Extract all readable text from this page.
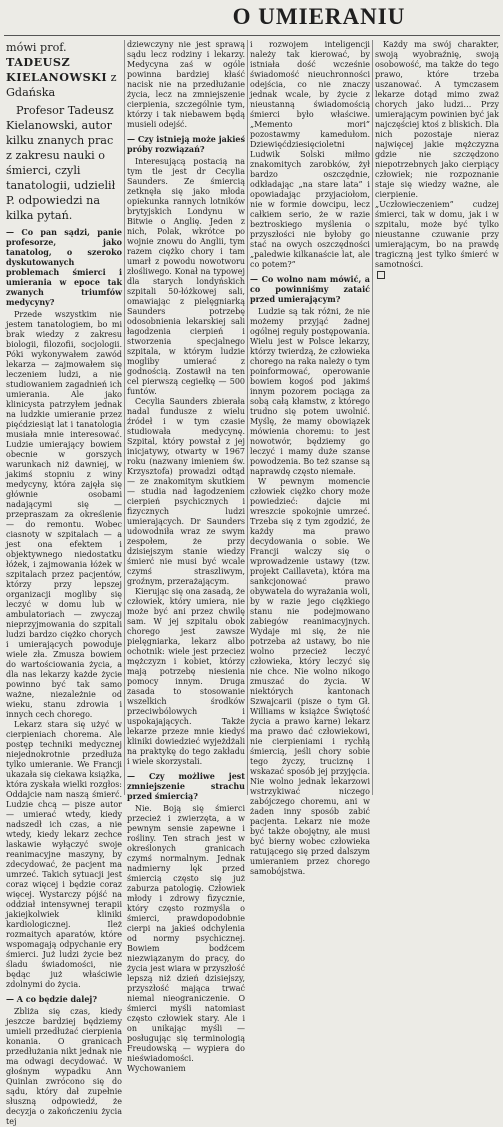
O UMIERANIU
mówi prof. TADEUSZ KIELANOWSKI z Gdańska
Profesor Tadeusz Kielanowski, autor kilku znanych prac z zakresu nauki o śmierci, czyli tanatologii, udzielił P. odpowiedzi na kilka pytań.

— Co pan sądzi, panie profesorze, jako tanatolog, o szeroko dyskutowanych problemach śmierci i umierania w epoce tak zwanych triumfów medycyny?

Przede wszystkim nie jestem tanatologiem, bo mi brak wiedzy z zakresu biologii, filozofii, socjologii. Póki wykonywałem zawód lekarza — zajmowałem się leczeniem ludzi, a nie studiowaniem zagadnień ich umierania. Ale jako klinicysta patrzyłem jednak na ludzkie umieranie przez pięćdziesiąt lat i tanatologia musiała mnie interesować. Ludzie umierający bowiem obecnie w gorszych warunkach niż dawniej, w jakimś stopniu z winy medycyny, która zajęła się głównie osobami nadającymi się — przepraszam za określenie — do remontu. Wobec ciasnoty w szpitalach — a jest ona efektem i objektywnego niedostatku łóżek, i zajmowania łóżek w szpitalach przez pacjentów, którzy przy lepszej organizacji mogliby się leczyć w domu lub w ambulatoriach — zwyczaj nieprzyjmowania do szpitali ludzi bardzo ciężko chorych i umierających powoduje wiele zła. Zmusza bowiem do wartościowania życia, a dla nas lekarzy każde życie powinno być tak samo ważne, niezależnie od wieku, stanu zdrowia i innych cech chorego.

Lekarz stara się użyć w cierpieniach chorema. Ale postęp techniki medycznej niejednokrotnie przedłuża tylko umieranie. We Francji ukazała się ciekawa książka, która zyskała wielki rozgłos: Oddajcie nam naszą śmierć. Ludzie chcą — pisze autor — umierać wtedy, kiedy nadszedł ich czas, a nie wtedy, kiedy lekarz zechce laskawie wyłączyć swoje reanimacyjne maszyny, by zdecydować, że pacjent ma umrzeć. Takich sytuacji jest coraz więcej i będzie coraz więcej. Wystarczy pójść na oddział intensywnej terapii jakiejkolwiek kliniki kardiologicznej. Ileż rozmaitych aparatów, które wspomagają odpychanie ery śmierci. Już ludzi życie bez śladu świadomości, nie będąc już właściwie zdolnymi do życia.

— A co będzie dalej?

Zbliża się czas, kiedy jeszcze bardziej będziemy umieli przedłużać cierpienia konania. O granicach przedłużania nikt jednak nie ma odwagi decydować. W głośnym wypadku Ann Quinlan zwrócono się do sądu, który dał zupełnie słuszną odpowiedź, że decyzja o zakończeniu życia tej

dziewczyny nie jest sprawą sądu lecz rodziny i lekarzy. Medycyna zaś w ogóle powinna bardziej kłaść nacisk nie na przedłużanie życia, lecz na zmniejszenie cierpienia, szczególnie tym, którzy i tak niebawem będą musieli odejść.

— Czy istnieją może jakieś próby rozwiązań?

Interesującą postacią na tym tle jest dr Cecylia Saunders. Ze śmiercią zetknęła się jako młoda opiekunka rannych lotników brytyjskich Londynu w Bitwie o Anglię. Jeden z nich, Polak, wkrótce po wojnie znowu do Anglii, tym razem ciężko chory i tam umarł z powodu nowotworu złośliwego. Konał na typowej dla starych londyńskich szpitali 50-łóżkowej sali, omawiając z pielęgniarką Saunders potrzebę odosobnienia lekarskiej sali łagodzenia cierpień i stworzenia specjalnego szpitala, w którym ludzie mogliby umierać z godnością. Zostawił na ten cel pierwszą cegiełkę — 500 funtów.

Cecylia Saunders zbierała nadal fundusze z wielu źródeł i w tym czasie studiowała medycynę. Szpital, który powstał z jej inicjatywy, otwarty w 1967 roku (nazwany imieniem św. Krzysztofa) prowadzi odtąd — ze znakomitym skutkiem — studia nad łagodzeniem cierpień psychicznych i fizycznych ludzi umierających. Dr Saunders udowodniła wraz ze swym zespołem, że przy dzisiejszym stanie wiedzy śmierć nie musi być wcale czymś straszliwym, groźnym, przerażającym.

Kierując się ona zasadą, że człowiek, który umiera, nie może być ani przez chwilę sam. W jej szpitalu obok chorego jest zawsze pielęgniarka, lekarz albo ochotnik: wiele jest przeciez mężczyzn i kobiet, którzy mają potrzebę niesienia pomocy innym. Druga zasada to stosowanie wszelkich środków przeciwbólowych i uspokajających. Także lekarze przeze mnie kiedyś kliniki dowiedzieć wyjeżdżali na praktykę do tego zakładu i wiele skorzystali.

— Czy możliwe jest zmniejszenie strachu przed śmiercią?

Nie. Boją się śmierci przecież i zwierzęta, a w pewnym sensie zapewne i rośliny. Ten strach jest w określonych granicach czymś normalnym. Jednak nadmierny lęk przed śmiercią często się już zaburza patologię. Człowiek młody i zdrowy fizycznie, który często rozmyśla o śmierci, prawdopodobnie cierpi na jakieś odchylenia od normy psychicznej. Bowiem bodźcem niezwiązanym do pracy, do życia jest wiara w przyszłość lepszą niż dzień dzisiejszy, przyszłość mająca trwać niemal nieograniczenie. O śmierci myśli natomiast często człowiek stary. Ale i on unikając myśli — posługując się terminologią Freudowską — wypiera do nieświadomości. Wychowaniem

i rozwojem inteligencji należy tak kierować, by istniała dość wcześnie świadomość nieuchronności odejścia, co nie znaczy jednak wcale, by życie z nieustanną świadomością śmierci było właściwe. „Memento mori” pozostawmy kamedułom. Dziewięćdziesięcioletni Ludwik Solski miłmo znakomitych zarobków, żył bardzo oszczędnie, odkładając „na stare lata” i opowiadając przyjaciołom, nie w formie dowcipu, lecz całkiem serio, że w razie beztroskiego myślenia o przyszłości nie byłoby go stać na owych oszczędności „paledwie kilkanaście lat, ale co potem?”

— Co wolno nam mówić, a co powinniśmy zataić przed umierającym?

Ludzie są tak różni, że nie możemy przyjąć żadnej ogólnej reguły postępowania. Wielu jest w Polsce lekarzy, którzy twierdzą, że człowieka chorego na raka należy o tym poinformować, operowanie bowiem kogoś pod jakimś innym pozorem pociąga za sobą całą kłamstw, z którego trudno się potem uwolnić. Myślę, że mamy obowiązek mówienia choremu: to jest nowotwór, będziemy go leczyć i mamy duże szanse powodzenia. Bo też szanse są naprawdę często niemałe.

W pewnym momencie człowiek ciężko chory może powiedzieć: dajcie mi wreszcie spokojnie umrzeć. Trzeba się z tym zgodzić, że każdy ma prawo decydowania o sobie. We Francji walczy się o wprowadzenie ustawy (tzw. projekt Caillaveta), która ma sankcjonować prawo obywatela do wyrażania woli, by w razie jego ciężkiego stanu nie podejmowano zabiegów reanimacyjnych. Wydaje mi się, że nie potrzeba aż ustawy, bo nie wolno przecież leczyć człowieka, który leczyć się nie chce. Nie wolno nikogo zmuszać do życia. W niektórych kantonach Szwajcarii (pisze o tym Gł. Williams w książce Świętość życia a prawo karne) lekarz ma prawo dać człowiekowi, nie cierpieniami i rychłą śmiercią, jeśli chory sobie tego życzy, truciznę i wskazać sposób jej przyjęcia. Nie wolno jednak lekarzowi wstrzykiwać niczego zabójczego choremu, ani w żaden inny sposób zabić pacjenta. Lekarz nie może być także obojętny, ale musi być bierny wobec człowieka ratującego się przed dalszym umieraniem przez chorego samobójstwa.

Każdy ma swój charakter, swoją wyobraźnię, swoją osobowość, ma także do tego prawo, które trzeba uszanować. A tymczasem lekarze dotąd mimo zważ chorych jako ludzi… Przy umierającym powinien być jak najczęściej ktoś z bliskich. Dla nich pozostaje nieraz najwięcej jakie mężczyzna gdzie nie szczędzono niepotrzebnych jako cierpiący człowiek; nie rozpoznanie staje się wiedzy ważne, ale cierpienie. „Uczłowieczeniem” cudzej śmierci, tak w domu, jak i w szpitalu, może być tylko nieustanne czuwanie przy umierającym, bo na prawdę tragiczną jest tylko śmierć w samotności.
